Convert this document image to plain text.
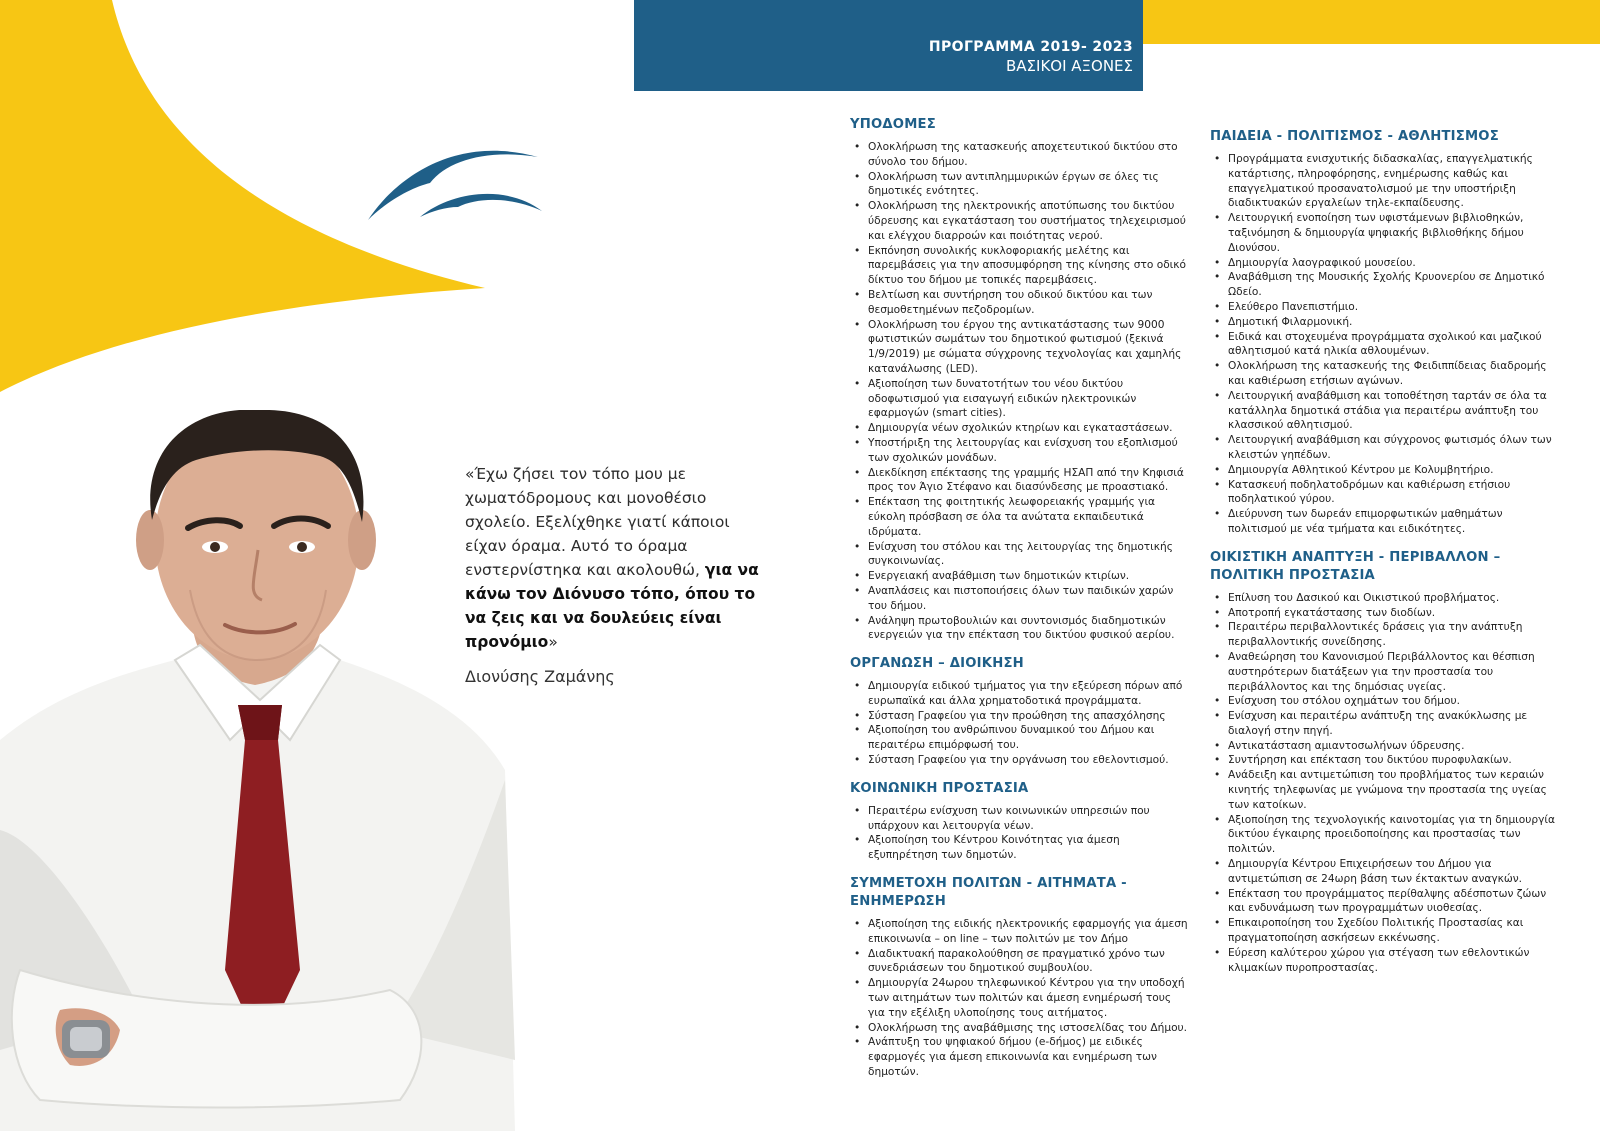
ΠΡΟΓΡΑΜΜΑ 2019- 2023
ΒΑΣΙΚΟΙ ΑΞΟΝΕΣ
«Έχω ζήσει τον τόπο μου με χωματόδρομους και μονοθέσιο σχολείο. Εξελίχθηκε γιατί κάποιοι είχαν όραμα. Αυτό το όραμα ενστερνίστηκα και ακολουθώ, για να κάνω τον Διόνυσο τόπο, όπου το να ζεις και να δουλεύεις είναι προνόμιο»
Διονύσης Ζαμάνης
ΥΠΟΔΟΜΕΣ
• Ολοκλήρωση της κατασκευής αποχετευτικού δικτύου στο σύνολο του δήμου.
• Ολοκλήρωση των αντιπλημμυρικών έργων σε όλες τις δημοτικές ενότητες.
• Ολοκλήρωση της ηλεκτρονικής αποτύπωσης του δικτύου ύδρευσης και εγκατάσταση του συστήματος τηλεχειρισμού και ελέγχου διαρροών και ποιότητας νερού.
• Εκπόνηση συνολικής κυκλοφοριακής μελέτης και παρεμβάσεις για την αποσυμφόρηση της κίνησης στο οδικό δίκτυο του δήμου με τοπικές παρεμβάσεις.
• Βελτίωση και συντήρηση του οδικού δικτύου και των θεσμοθετημένων πεζοδρομίων.
• Ολοκλήρωση του έργου της αντικατάστασης των 9000 φωτιστικών σωμάτων του δημοτικού φωτισμού (ξεκινά 1/9/2019) με σώματα σύγχρονης τεχνολογίας και χαμηλής κατανάλωσης (LED).
• Αξιοποίηση των δυνατοτήτων του νέου δικτύου οδοφωτισμού για εισαγωγή ειδικών ηλεκτρονικών εφαρμογών (smart cities).
• Δημιουργία νέων σχολικών κτηρίων και εγκαταστάσεων.
• Υποστήριξη της λειτουργίας και ενίσχυση του εξοπλισμού των σχολικών μονάδων.
• Διεκδίκηση επέκτασης της γραμμής ΗΣΑΠ από την Κηφισιά προς τον Άγιο Στέφανο και διασύνδεσης με προαστιακό.
• Επέκταση της φοιτητικής λεωφορειακής γραμμής για εύκολη πρόσβαση σε όλα τα ανώτατα εκπαιδευτικά ιδρύματα.
• Ενίσχυση του στόλου και της λειτουργίας της δημοτικής συγκοινωνίας.
• Ενεργειακή αναβάθμιση των δημοτικών κτιρίων.
• Αναπλάσεις και πιστοποιήσεις όλων των παιδικών χαρών του δήμου.
• Ανάληψη πρωτοβουλιών και συντονισμός διαδημοτικών ενεργειών για την επέκταση του δικτύου φυσικού αερίου.
ΟΡΓΑΝΩΣΗ – ΔΙΟΙΚΗΣΗ
• Δημιουργία ειδικού τμήματος για την εξεύρεση πόρων από ευρωπαϊκά και άλλα χρηματοδοτικά προγράμματα.
• Σύσταση Γραφείου για την προώθηση της απασχόλησης
• Αξιοποίηση του ανθρώπινου δυναμικού του Δήμου και περαιτέρω επιμόρφωσή του.
• Σύσταση Γραφείου για την οργάνωση του εθελοντισμού.
ΚΟΙΝΩΝΙΚΗ ΠΡΟΣΤΑΣΙΑ
• Περαιτέρω ενίσχυση των κοινωνικών υπηρεσιών που υπάρχουν και λειτουργία νέων.
• Αξιοποίηση του Κέντρου Κοινότητας για άμεση εξυπηρέτηση των δημοτών.
ΣΥΜΜΕΤΟΧΗ ΠΟΛΙΤΩΝ - ΑΙΤΗΜΑΤΑ - ΕΝΗΜΕΡΩΣΗ
• Αξιοποίηση της ειδικής ηλεκτρονικής εφαρμογής για άμεση επικοινωνία – on line – των πολιτών με τον Δήμο
• Διαδικτυακή παρακολούθηση σε πραγματικό χρόνο των συνεδριάσεων του δημοτικού συμβουλίου.
• Δημιουργία 24ωρου τηλεφωνικού Κέντρου για την υποδοχή των αιτημάτων των πολιτών και άμεση ενημέρωσή τους για την εξέλιξη υλοποίησης τους αιτήματος.
• Ολοκλήρωση της αναβάθμισης της ιστοσελίδας του Δήμου.
• Ανάπτυξη του ψηφιακού δήμου (e-δήμος) με ειδικές εφαρμογές για άμεση επικοινωνία και ενημέρωση των δημοτών.
ΠΑΙΔΕΙΑ - ΠΟΛΙΤΙΣΜΟΣ - ΑΘΛΗΤΙΣΜΟΣ
• Προγράμματα ενισχυτικής διδασκαλίας, επαγγελματικής κατάρτισης, πληροφόρησης, ενημέρωσης καθώς και επαγγελματικού προσανατολισμού με την υποστήριξη διαδικτυακών εργαλείων τηλε-εκπαίδευσης.
• Λειτουργική ενοποίηση των υφιστάμενων βιβλιοθηκών, ταξινόμηση & δημιουργία ψηφιακής βιβλιοθήκης δήμου Διονύσου.
• Δημιουργία λαογραφικού μουσείου.
• Αναβάθμιση της Μουσικής Σχολής Κρυονερίου σε Δημοτικό Ωδείο.
• Ελεύθερο Πανεπιστήμιο.
• Δημοτική Φιλαρμονική.
• Ειδικά και στοχευμένα προγράμματα σχολικού και μαζικού αθλητισμού κατά ηλικία αθλουμένων.
• Ολοκλήρωση της κατασκευής της Φειδιππίδειας διαδρομής και καθιέρωση ετήσιων αγώνων.
• Λειτουργική αναβάθμιση και τοποθέτηση ταρτάν σε όλα τα κατάλληλα δημοτικά στάδια για περαιτέρω ανάπτυξη του κλασσικού αθλητισμού.
• Λειτουργική αναβάθμιση και σύγχρονος φωτισμός όλων των κλειστών γηπέδων.
• Δημιουργία Αθλητικού Κέντρου με Κολυμβητήριο.
• Κατασκευή ποδηλατοδρόμων και καθιέρωση ετήσιου ποδηλατικού γύρου.
• Διεύρυνση των δωρεάν επιμορφωτικών μαθημάτων πολιτισμού με νέα τμήματα και ειδικότητες.
ΟΙΚΙΣΤΙΚΗ ΑΝΑΠΤΥΞΗ - ΠΕΡΙΒΑΛΛΟΝ – ΠΟΛΙΤΙΚΗ ΠΡΟΣΤΑΣΙΑ
• Επίλυση του Δασικού και Οικιστικού προβλήματος.
• Αποτροπή εγκατάστασης των διοδίων.
• Περαιτέρω περιβαλλοντικές δράσεις για την ανάπτυξη περιβαλλοντικής συνείδησης.
• Αναθεώρηση του Κανονισμού Περιβάλλοντος και θέσπιση αυστηρότερων διατάξεων για την προστασία του περιβάλλοντος και της δημόσιας υγείας.
• Ενίσχυση του στόλου οχημάτων του δήμου.
• Ενίσχυση και περαιτέρω ανάπτυξη της ανακύκλωσης με διαλογή στην πηγή.
• Αντικατάσταση αμιαντοσωλήνων ύδρευσης.
• Συντήρηση και επέκταση του δικτύου πυροφυλακίων.
• Ανάδειξη και αντιμετώπιση του προβλήματος των κεραιών κινητής τηλεφωνίας με γνώμονα την προστασία της υγείας των κατοίκων.
• Αξιοποίηση της τεχνολογικής καινοτομίας για τη δημιουργία δικτύου έγκαιρης προειδοποίησης και προστασίας των πολιτών.
• Δημιουργία Κέντρου Επιχειρήσεων του Δήμου για αντιμετώπιση σε 24ωρη βάση των έκτακτων αναγκών.
• Επέκταση του προγράμματος περίθαλψης αδέσποτων ζώων και ενδυνάμωση των προγραμμάτων υιοθεσίας.
• Επικαιροποίηση του Σχεδίου Πολιτικής Προστασίας και πραγματοποίηση ασκήσεων εκκένωσης.
• Εύρεση καλύτερου χώρου για στέγαση των εθελοντικών κλιμακίων πυροπροστασίας.
